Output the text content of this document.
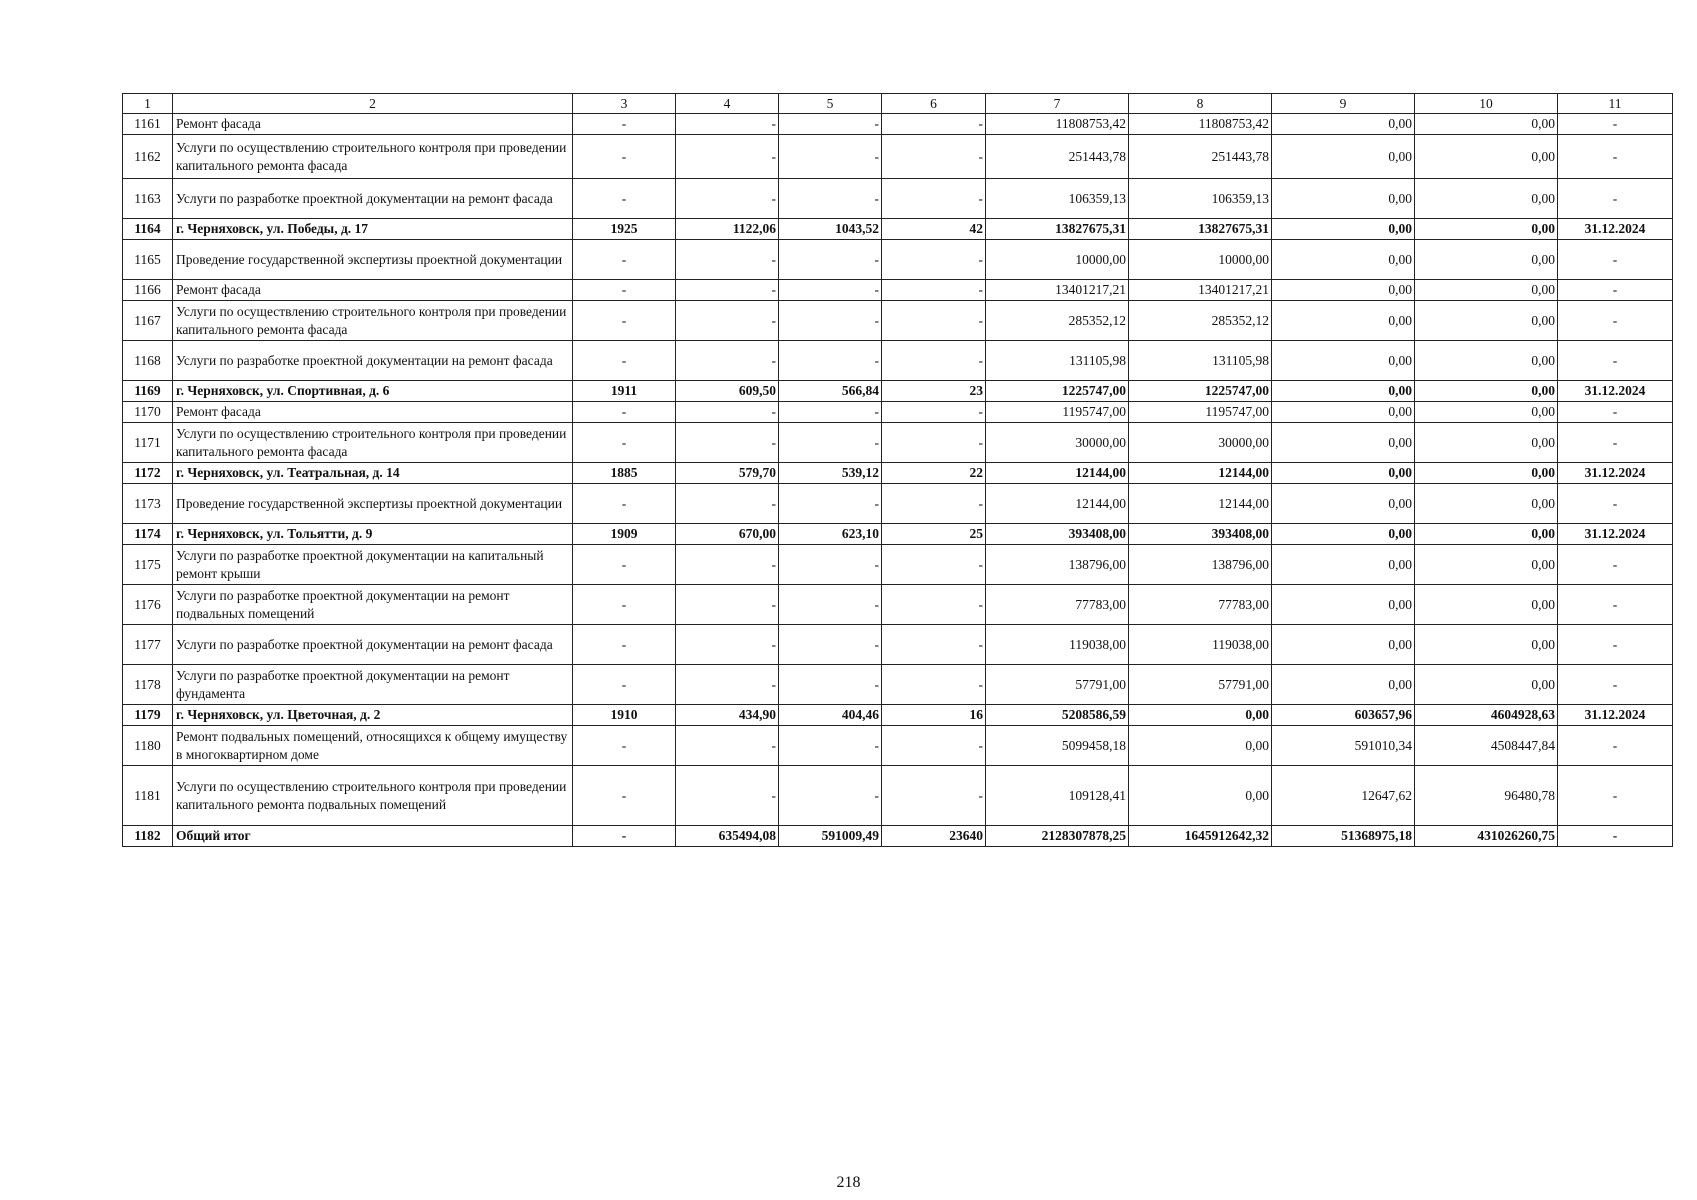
1	2	3	4	5	6	7	8	9	10	11
1161	Ремонт фасада	-	-	-	-	11808753,42	11808753,42	0,00	0,00	-
1162	Услуги по осуществлению строительного контроля при проведении капитального ремонта фасада	-	-	-	-	251443,78	251443,78	0,00	0,00	-
1163	Услуги по разработке проектной документации на ремонт фасада	-	-	-	-	106359,13	106359,13	0,00	0,00	-
1164	г. Черняховск, ул. Победы, д. 17	1925	1122,06	1043,52	42	13827675,31	13827675,31	0,00	0,00	31.12.2024
1165	Проведение государственной экспертизы проектной документации	-	-	-	-	10000,00	10000,00	0,00	0,00	-
1166	Ремонт фасада	-	-	-	-	13401217,21	13401217,21	0,00	0,00	-
1167	Услуги по осуществлению строительного контроля при проведении капитального ремонта фасада	-	-	-	-	285352,12	285352,12	0,00	0,00	-
1168	Услуги по разработке проектной документации на ремонт фасада	-	-	-	-	131105,98	131105,98	0,00	0,00	-
1169	г. Черняховск, ул. Спортивная, д. 6	1911	609,50	566,84	23	1225747,00	1225747,00	0,00	0,00	31.12.2024
1170	Ремонт фасада	-	-	-	-	1195747,00	1195747,00	0,00	0,00	-
1171	Услуги по осуществлению строительного контроля при проведении капитального ремонта фасада	-	-	-	-	30000,00	30000,00	0,00	0,00	-
1172	г. Черняховск, ул. Театральная, д. 14	1885	579,70	539,12	22	12144,00	12144,00	0,00	0,00	31.12.2024
1173	Проведение государственной экспертизы проектной документации	-	-	-	-	12144,00	12144,00	0,00	0,00	-
1174	г. Черняховск, ул. Тольятти, д. 9	1909	670,00	623,10	25	393408,00	393408,00	0,00	0,00	31.12.2024
1175	Услуги по разработке проектной документации на капитальный ремонт крыши	-	-	-	-	138796,00	138796,00	0,00	0,00	-
1176	Услуги по разработке проектной документации на ремонт подвальных помещений	-	-	-	-	77783,00	77783,00	0,00	0,00	-
1177	Услуги по разработке проектной документации на ремонт фасада	-	-	-	-	119038,00	119038,00	0,00	0,00	-
1178	Услуги по разработке проектной документации на ремонт фундамента	-	-	-	-	57791,00	57791,00	0,00	0,00	-
1179	г. Черняховск, ул. Цветочная, д. 2	1910	434,90	404,46	16	5208586,59	0,00	603657,96	4604928,63	31.12.2024
1180	Ремонт подвальных помещений, относящихся к общему имуществу в многоквартирном доме	-	-	-	-	5099458,18	0,00	591010,34	4508447,84	-
1181	Услуги по осуществлению строительного контроля при проведении капитального ремонта подвальных помещений	-	-	-	-	109128,41	0,00	12647,62	96480,78	-
1182	Общий итог	-	635494,08	591009,49	23640	2128307878,25	1645912642,32	51368975,18	431026260,75	-
218
